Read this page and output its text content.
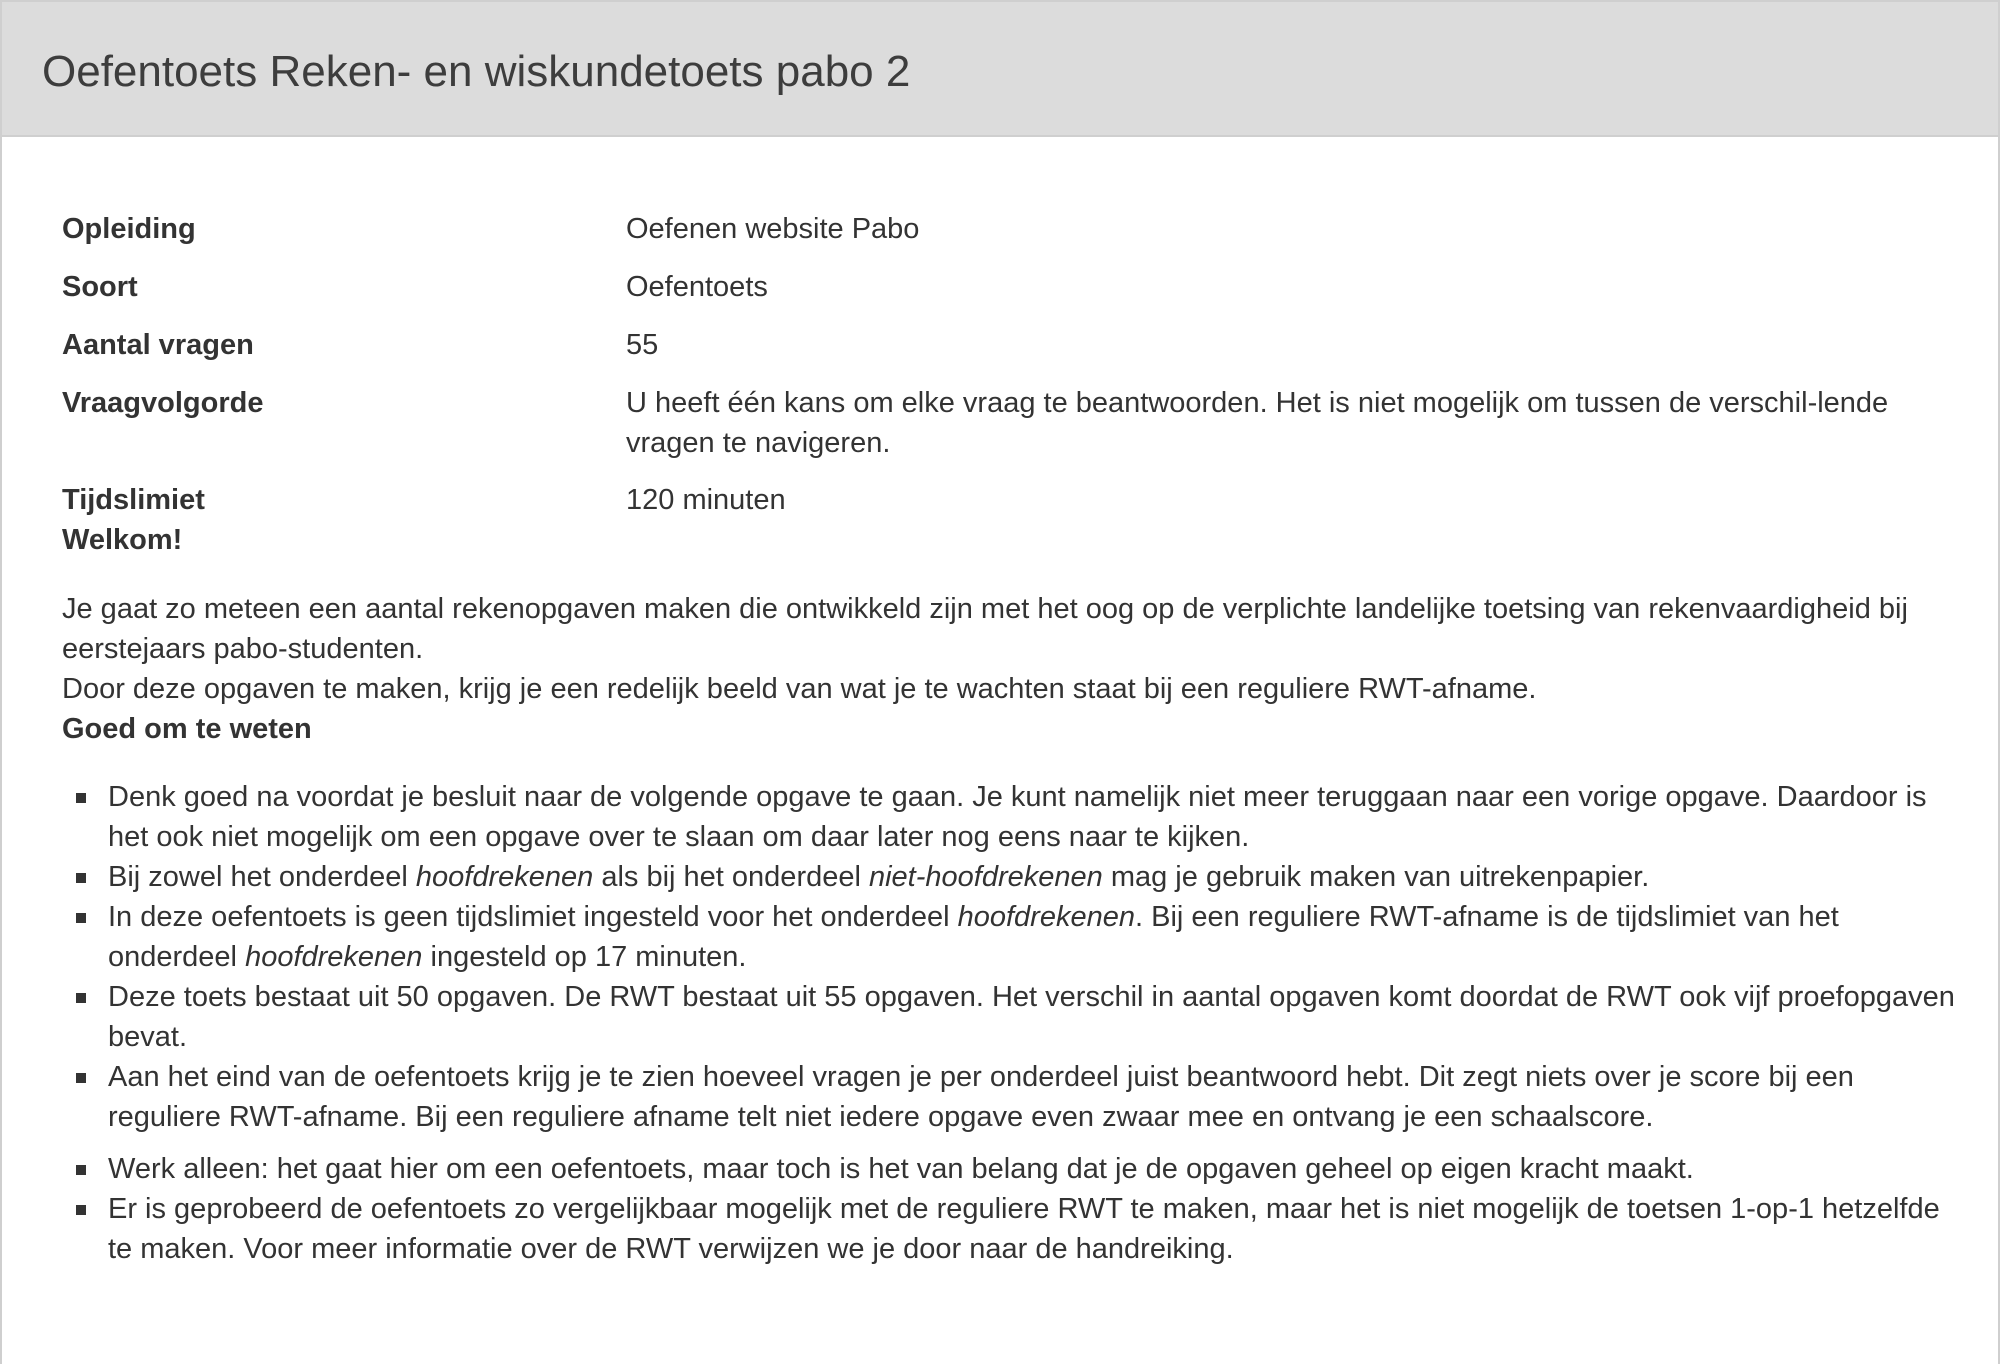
Oefentoets Reken- en wiskundetoets pabo 2
Opleiding	Oefenen website Pabo
Soort	Oefentoets
Aantal vragen	55
Vraagvolgorde	U heeft één kans om elke vraag te beantwoorden. Het is niet mogelijk om tussen de verschil-lende vragen te navigeren.
Tijdslimiet	120 minuten
Welkom!

Je gaat zo meteen een aantal rekenopgaven maken die ontwikkeld zijn met het oog op de verplichte landelijke toetsing van rekenvaardigheid bij eerstejaars pabo-studenten.

Door deze opgaven te maken, krijg je een redelijk beeld van wat je te wachten staat bij een reguliere RWT-afname.

Goed om te weten
Denk goed na voordat je besluit naar de volgende opgave te gaan. Je kunt namelijk niet meer teruggaan naar een vorige opgave. Daardoor is het ook niet mogelijk om een opgave over te slaan om daar later nog eens naar te kijken.
Bij zowel het onderdeel hoofdrekenen als bij het onderdeel niet-hoofdrekenen mag je gebruik maken van uitrekenpapier.
In deze oefentoets is geen tijdslimiet ingesteld voor het onderdeel hoofdrekenen. Bij een reguliere RWT-afname is de tijdslimiet van het onderdeel hoofdrekenen ingesteld op 17 minuten.
Deze toets bestaat uit 50 opgaven. De RWT bestaat uit 55 opgaven. Het verschil in aantal opgaven komt doordat de RWT ook vijf proefopgaven bevat.
Aan het eind van de oefentoets krijg je te zien hoeveel vragen je per onderdeel juist beantwoord hebt. Dit zegt niets over je score bij een reguliere RWT-afname. Bij een reguliere afname telt niet iedere opgave even zwaar mee en ontvang je een schaalscore.
Werk alleen: het gaat hier om een oefentoets, maar toch is het van belang dat je de opgaven geheel op eigen kracht maakt.
Er is geprobeerd de oefentoets zo vergelijkbaar mogelijk met de reguliere RWT te maken, maar het is niet mogelijk de toetsen 1-op-1 hetzelfde te maken. Voor meer informatie over de RWT verwijzen we je door naar de handreiking.
